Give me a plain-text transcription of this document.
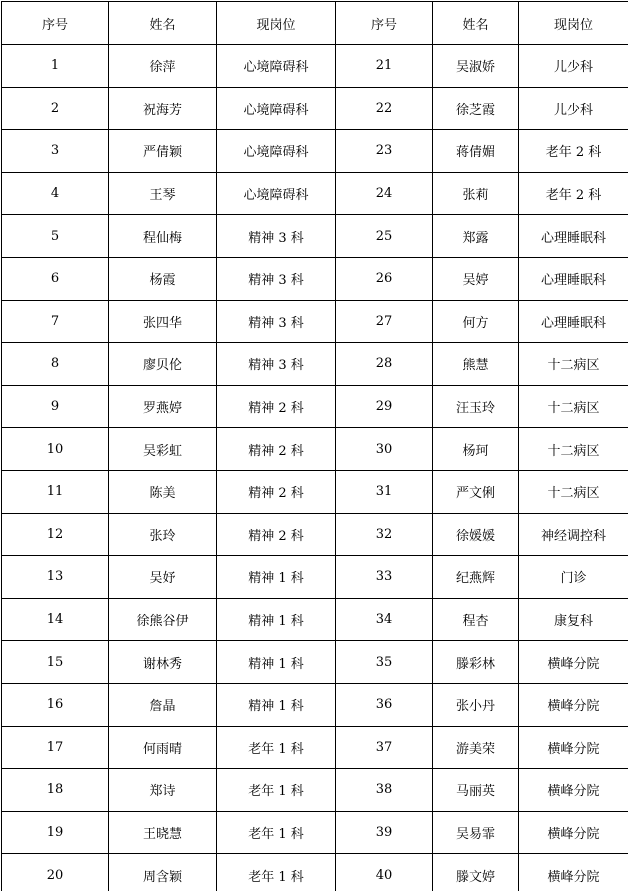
序号	姓名	现岗位	序号	姓名	现岗位
1	徐萍	心境障碍科	21	吴淑娇	儿少科
2	祝海芳	心境障碍科	22	徐芝霞	儿少科
3	严倩颖	心境障碍科	23	蒋倩媚	老年 2 科
4	王琴	心境障碍科	24	张莉	老年 2 科
5	程仙梅	精神 3 科	25	郑露	心理睡眠科
6	杨霞	精神 3 科	26	吴婷	心理睡眠科
7	张四华	精神 3 科	27	何方	心理睡眠科
8	廖贝伦	精神 3 科	28	熊慧	十二病区
9	罗燕婷	精神 2 科	29	汪玉玲	十二病区
10	吴彩虹	精神 2 科	30	杨珂	十二病区
11	陈美	精神 2 科	31	严文俐	十二病区
12	张玲	精神 2 科	32	徐媛媛	神经调控科
13	吴妤	精神 1 科	33	纪燕辉	门诊
14	徐熊谷伊	精神 1 科	34	程杏	康复科
15	谢林秀	精神 1 科	35	滕彩林	横峰分院
16	詹晶	精神 1 科	36	张小丹	横峰分院
17	何雨晴	老年 1 科	37	游美荣	横峰分院
18	郑诗	老年 1 科	38	马丽英	横峰分院
19	王晓慧	老年 1 科	39	吴易霏	横峰分院
20	周含颖	老年 1 科	40	滕文婷	横峰分院
